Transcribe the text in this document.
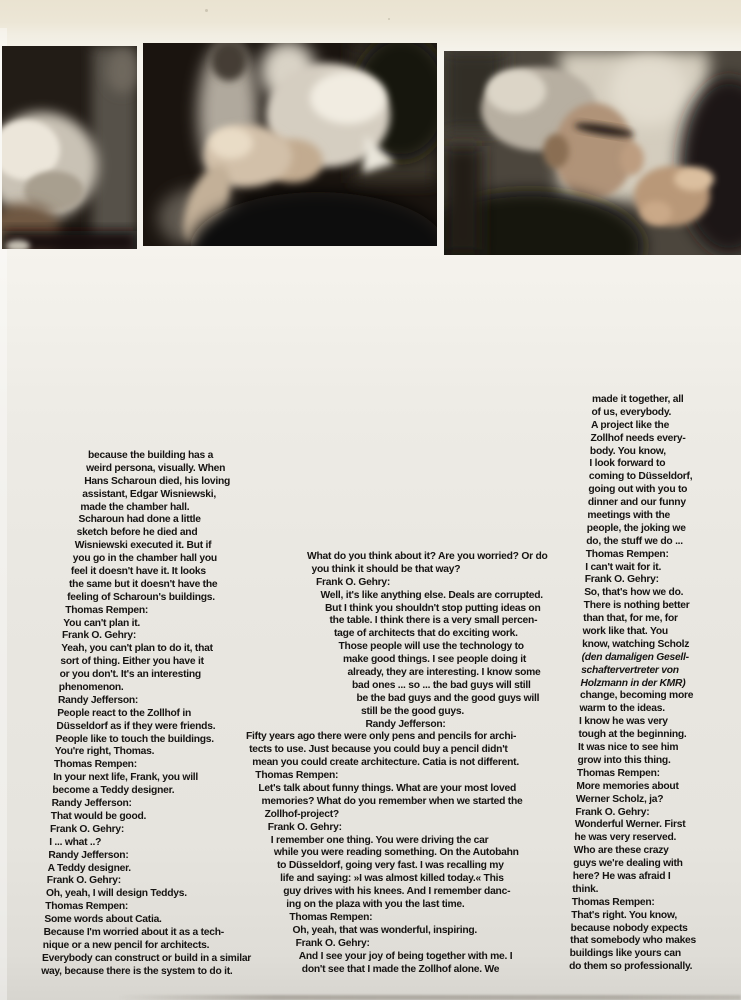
because the building has a
weird persona, visually. When
Hans Scharoun died, his loving
assistant, Edgar Wisniewski,
made the chamber hall.
Scharoun had done a little
sketch before he died and
Wisniewski executed it. But if
you go in the chamber hall you
feel it doesn't have it. It looks
the same but it doesn't have the
feeling of Scharoun's buildings.
Thomas Rempen:
You can't plan it.
Frank O. Gehry:
Yeah, you can't plan to do it, that
sort of thing. Either you have it
or you don't. It's an interesting
phenomenon.
Randy Jefferson:
People react to the Zollhof in
Düsseldorf as if they were friends.
People like to touch the buildings.
You're right, Thomas.
Thomas Rempen:
In your next life, Frank, you will
become a Teddy designer.
Randy Jefferson:
That would be good.
Frank O. Gehry:
I ... what ..?
Randy Jefferson:
A Teddy designer.
Frank O. Gehry:
Oh, yeah, I will design Teddys.
Thomas Rempen:
Some words about Catia.
Because I'm worried about it as a tech-
nique or a new pencil for architects.
Everybody can construct or build in a similar
way, because there is the system to do it.
What do you think about it? Are you worried? Or do
you think it should be that way?
Frank O. Gehry:
Well, it's like anything else. Deals are corrupted.
But I think you shouldn't stop putting ideas on
the table. I think there is a very small percen-
tage of architects that do exciting work.
Those people will use the technology to
make good things. I see people doing it
already, they are interesting. I know some
bad ones ... so ... the bad guys will still
be the bad guys and the good guys will
still be the good guys.
Randy Jefferson:
Fifty years ago there were only pens and pencils for archi-
tects to use. Just because you could buy a pencil didn't
mean you could create architecture. Catia is not different.
Thomas Rempen:
Let's talk about funny things. What are your most loved
memories? What do you remember when we started the
Zollhof-project?
Frank O. Gehry:
I remember one thing. You were driving the car
while you were reading something. On the Autobahn
to Düsseldorf, going very fast. I was recalling my
life and saying: »I was almost killed today.« This
guy drives with his knees. And I remember danc-
ing on the plaza with you the last time.
Thomas Rempen:
Oh, yeah, that was wonderful, inspiring.
Frank O. Gehry:
And I see your joy of being together with me. I
don't see that I made the Zollhof alone. We
made it together, all
of us, everybody.
A project like the
Zollhof needs every-
body. You know,
I look forward to
coming to Düsseldorf,
going out with you to
dinner and our funny
meetings with the
people, the joking we
do, the stuff we do ...
Thomas Rempen:
I can't wait for it.
Frank O. Gehry:
So, that's how we do.
There is nothing better
than that, for me, for
work like that. You
know, watching Scholz
(den damaligen Gesell-
schaftervertreter von
Holzmann in der KMR)
change, becoming more
warm to the ideas.
I know he was very
tough at the beginning.
It was nice to see him
grow into this thing.
Thomas Rempen:
More memories about
Werner Scholz, ja?
Frank O. Gehry:
Wonderful Werner. First
he was very reserved.
Who are these crazy
guys we're dealing with
here? He was afraid I
think.
Thomas Rempen:
That's right. You know,
because nobody expects
that somebody who makes
buildings like yours can
do them so professionally.
